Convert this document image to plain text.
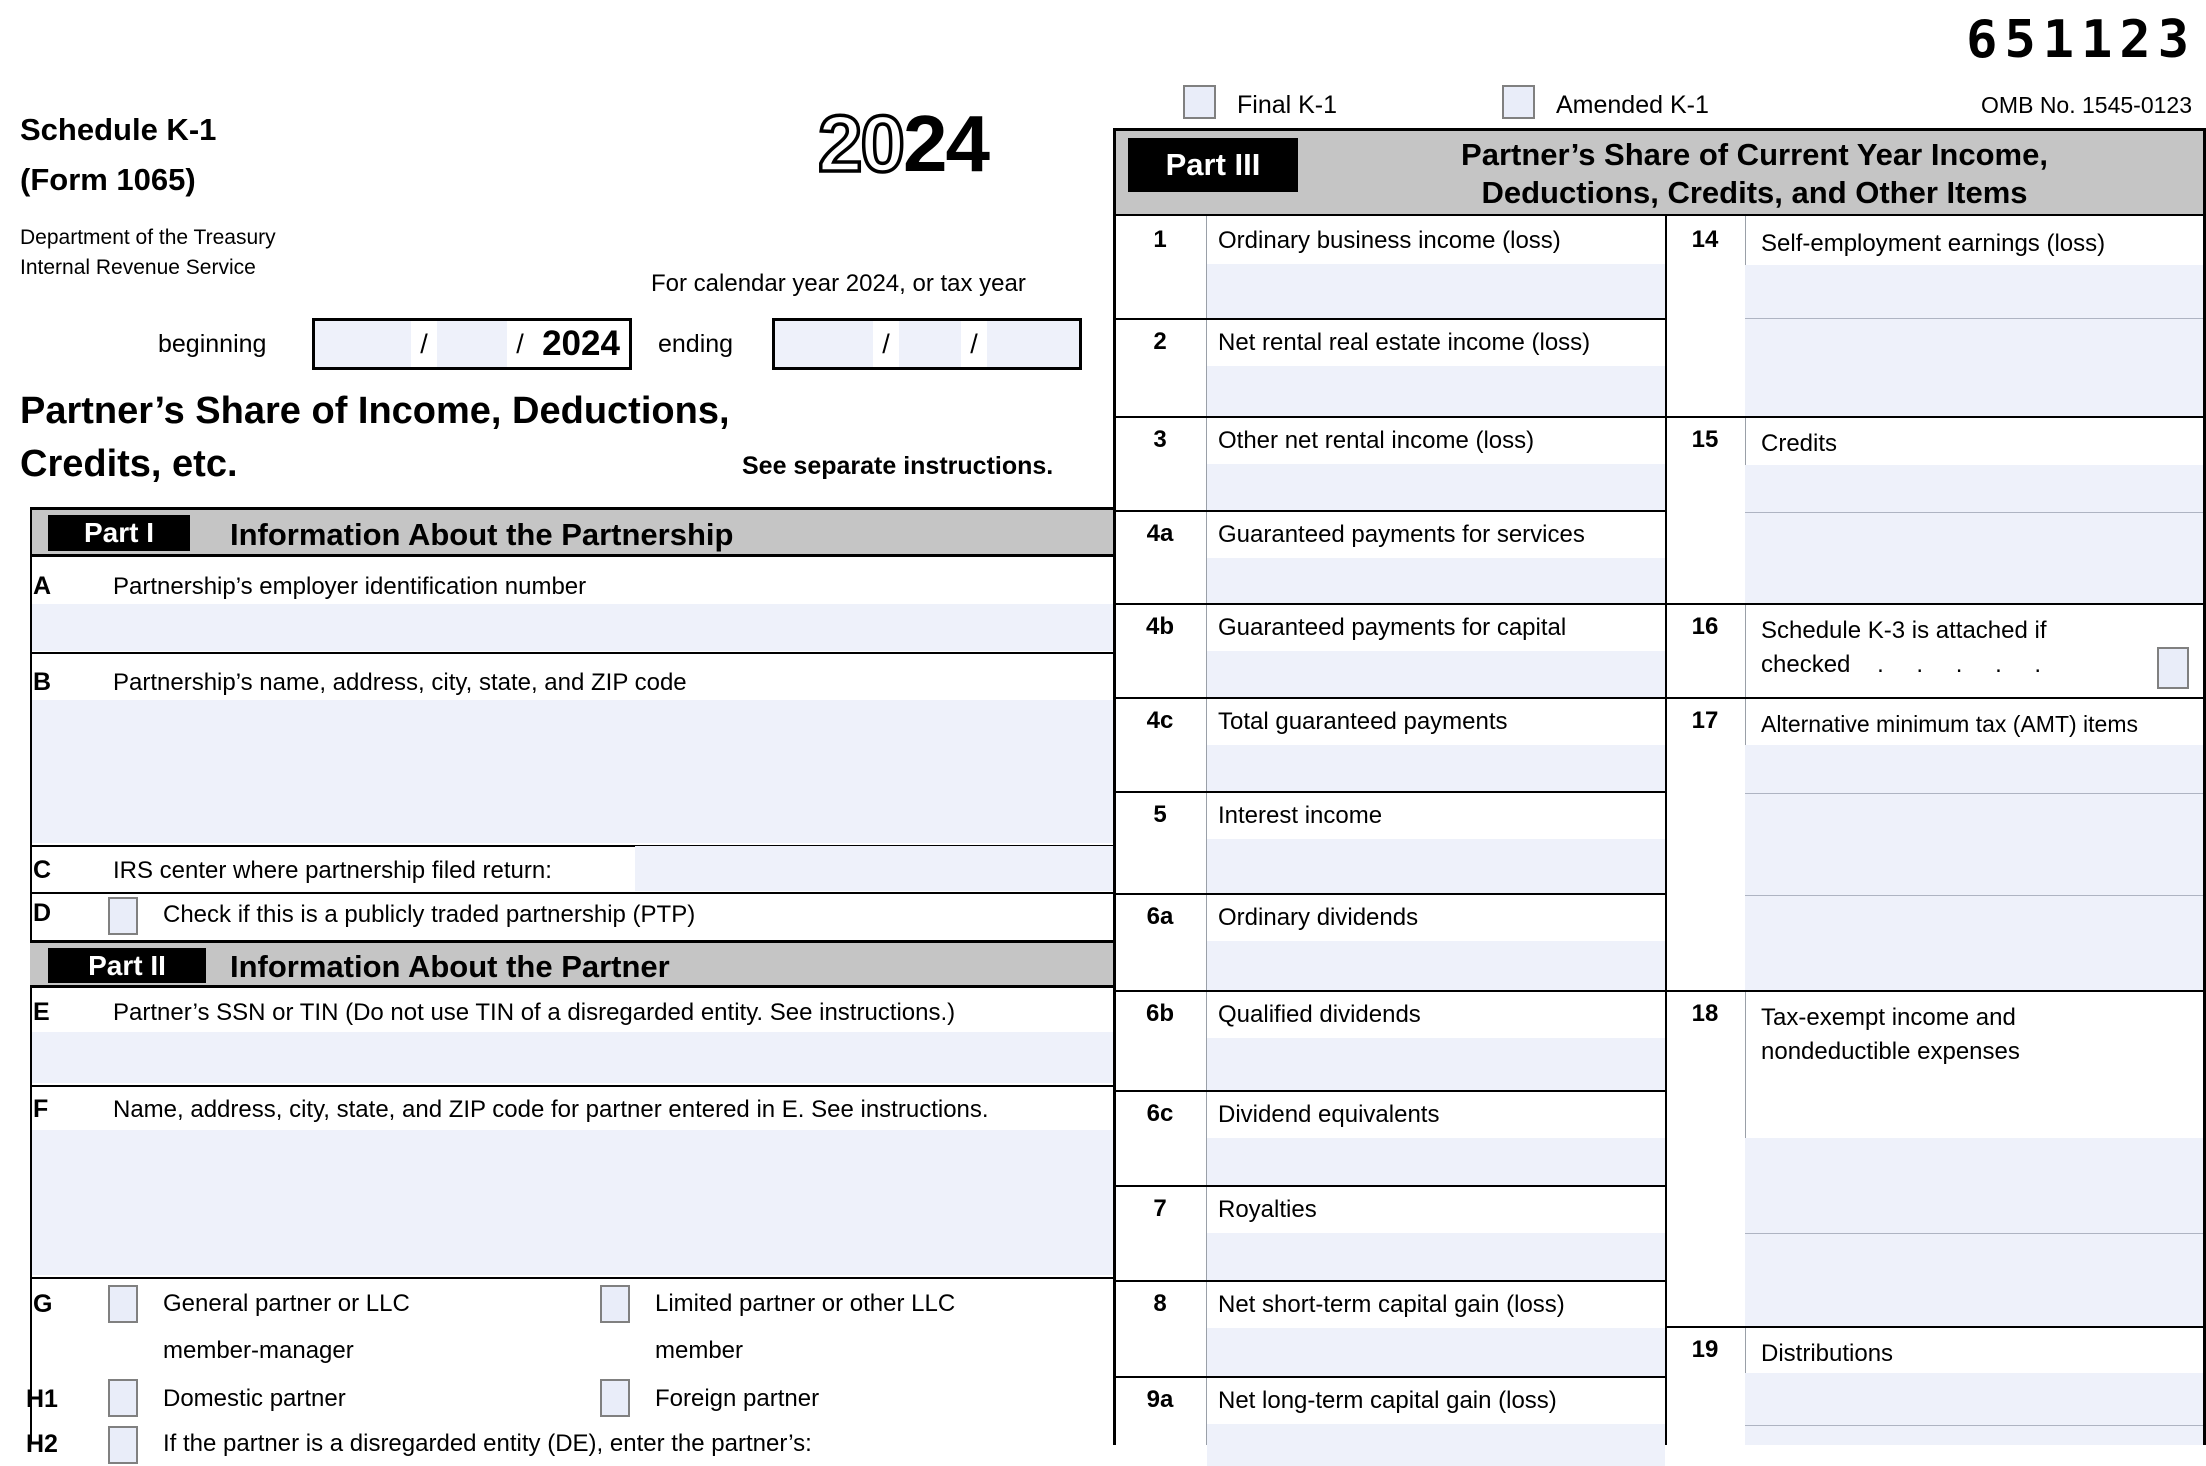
651123
OMB No. 1545-0123
Final K-1	Amended K-1
Schedule K-1
(Form 1065)
Department of the Treasury
Internal Revenue Service
20 24
For calendar year 2024, or tax year
beginning	/	/ 2024	ending	/	/
Partner’s Share of Income, Deductions,
Credits, etc.	See separate instructions.
Part I	Information About the Partnership
A	Partnership’s employer identification number
B	Partnership’s name, address, city, state, and ZIP code
C	IRS center where partnership filed return:
D	Check if this is a publicly traded partnership (PTP)
Part II	Information About the Partner
E	Partner’s SSN or TIN (Do not use TIN of a disregarded entity. See instructions.)
F	Name, address, city, state, and ZIP code for partner entered in E. See instructions.
G	General partner or LLC
member-manager
Limited partner or other LLC
member
H1	Domestic partner	Foreign partner
H2	If the partner is a disregarded entity (DE), enter the partner’s:
Part III	Partner’s Share of Current Year Income,
Deductions, Credits, and Other Items
1	Ordinary business income (loss)
2	Net rental real estate income (loss)
3	Other net rental income (loss)
4a	Guaranteed payments for services
4b	Guaranteed payments for capital
4c	Total guaranteed payments
5	Interest income
6a	Ordinary dividends
6b	Qualified dividends
6c	Dividend equivalents
7	Royalties
8	Net short-term capital gain (loss)
9a	Net long-term capital gain (loss)
14	Self-employment earnings (loss)
15	Credits
16	Schedule K-3 is attached if
checked . . . . .
17	Alternative minimum tax (AMT) items
18	Tax-exempt income and
nondeductible expenses
19	Distributions
